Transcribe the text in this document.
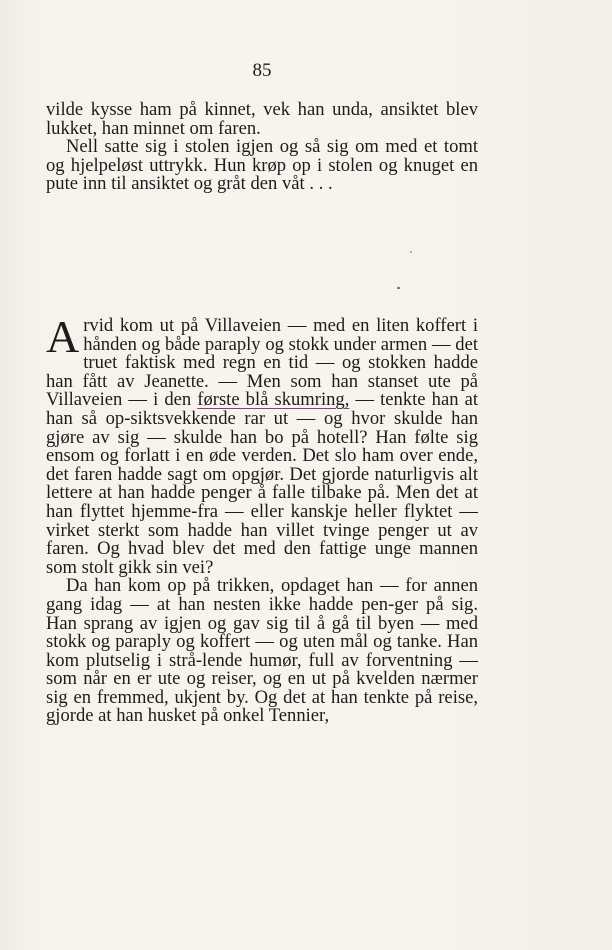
85

vilde kysse ham på kinnet, vek han unda, ansiktet blev lukket, han minnet om faren.

Nell satte sig i stolen igjen og så sig om med et tomt og hjelpeløst uttrykk. Hun krøp op i stolen og knuget en pute inn til ansiktet og gråt den våt . . .

Arvid kom ut på Villaveien — med en liten koffert i hånden og både paraply og stokk under armen — det truet faktisk med regn en tid — og stokken hadde han fått av Jeanette. — Men som han stanset ute på Villaveien — i den første blå skumring, — tenkte han at han så op-siktsvekkende rar ut — og hvor skulde han gjøre av sig — skulde han bo på hotell? Han følte sig ensom og forlatt i en øde verden. Det slo ham over ende, det faren hadde sagt om opgjør. Det gjorde naturligvis alt lettere at han hadde penger å falle tilbake på. Men det at han flyttet hjemme-fra — eller kanskje heller flyktet — virket sterkt som hadde han villet tvinge penger ut av faren. Og hvad blev det med den fattige unge mannen som stolt gikk sin vei?

Da han kom op på trikken, opdaget han — for annen gang idag — at han nesten ikke hadde pen-ger på sig. Han sprang av igjen og gav sig til å gå til byen — med stokk og paraply og koffert — og uten mål og tanke. Han kom plutselig i strå-lende humør, full av forventning — som når en er ute og reiser, og en ut på kvelden nærmer sig en fremmed, ukjent by. Og det at han tenkte på reise, gjorde at han husket på onkel Tennier,
